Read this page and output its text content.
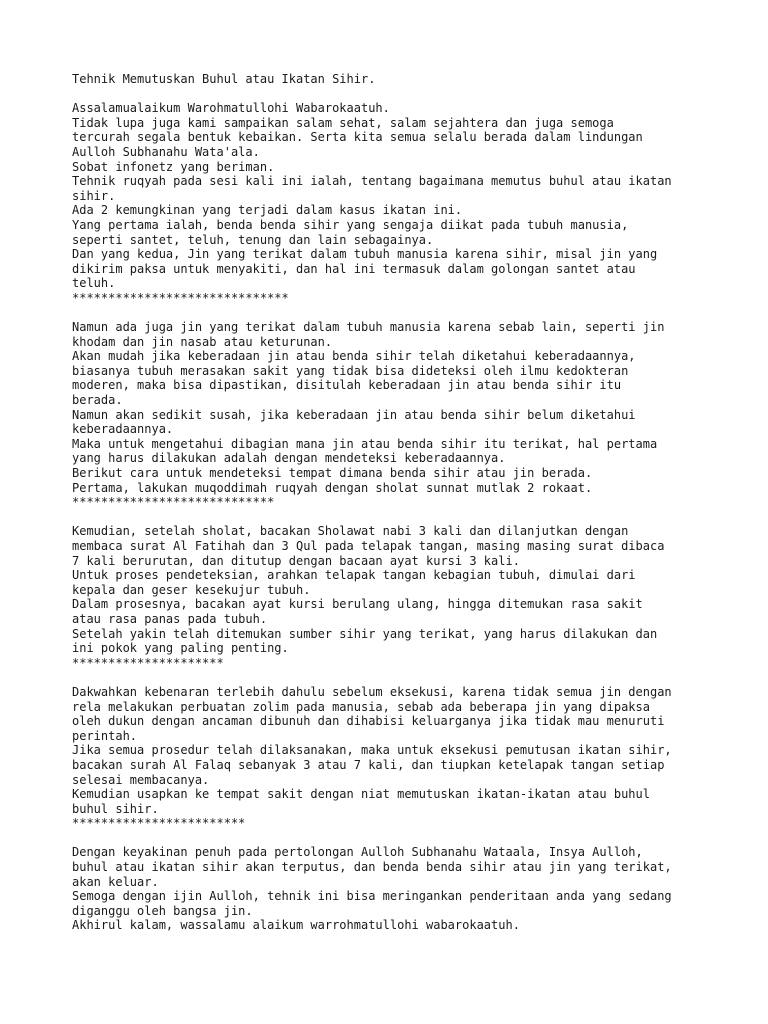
Tehnik Memutuskan Buhul atau Ikatan Sihir.
Assalamualaikum Warohmatullohi Wabarokaatuh.
Tidak lupa juga kami sampaikan salam sehat, salam sejahtera dan juga semoga
tercurah segala bentuk kebaikan. Serta kita semua selalu berada dalam lindungan
Aulloh Subhanahu Wata'ala.
Sobat infonetz yang beriman.
Tehnik ruqyah pada sesi kali ini ialah, tentang bagaimana memutus buhul atau ikatan
sihir.
Ada 2 kemungkinan yang terjadi dalam kasus ikatan ini.
Yang pertama ialah, benda benda sihir yang sengaja diikat pada tubuh manusia,
seperti santet, teluh, tenung dan lain sebagainya.
Dan yang kedua, Jin yang terikat dalam tubuh manusia karena sihir, misal jin yang
dikirim paksa untuk menyakiti, dan hal ini termasuk dalam golongan santet atau
teluh.
******************************
Namun ada juga jin yang terikat dalam tubuh manusia karena sebab lain, seperti jin
khodam dan jin nasab atau keturunan.
Akan mudah jika keberadaan jin atau benda sihir telah diketahui keberadaannya,
biasanya tubuh merasakan sakit yang tidak bisa dideteksi oleh ilmu kedokteran
moderen, maka bisa dipastikan, disitulah keberadaan jin atau benda sihir itu
berada.
Namun akan sedikit susah, jika keberadaan jin atau benda sihir belum diketahui
keberadaannya.
Maka untuk mengetahui dibagian mana jin atau benda sihir itu terikat, hal pertama
yang harus dilakukan adalah dengan mendeteksi keberadaannya.
Berikut cara untuk mendeteksi tempat dimana benda sihir atau jin berada.
Pertama, lakukan muqoddimah ruqyah dengan sholat sunnat mutlak 2 rokaat.
****************************
Kemudian, setelah sholat, bacakan Sholawat nabi 3 kali dan dilanjutkan dengan
membaca surat Al Fatihah dan 3 Qul pada telapak tangan, masing masing surat dibaca
7 kali berurutan, dan ditutup dengan bacaan ayat kursi 3 kali.
Untuk proses pendeteksian, arahkan telapak tangan kebagian tubuh, dimulai dari
kepala dan geser kesekujur tubuh.
Dalam prosesnya, bacakan ayat kursi berulang ulang, hingga ditemukan rasa sakit
atau rasa panas pada tubuh.
Setelah yakin telah ditemukan sumber sihir yang terikat, yang harus dilakukan dan
ini pokok yang paling penting.
*********************
Dakwahkan kebenaran terlebih dahulu sebelum eksekusi, karena tidak semua jin dengan
rela melakukan perbuatan zolim pada manusia, sebab ada beberapa jin yang dipaksa
oleh dukun dengan ancaman dibunuh dan dihabisi keluarganya jika tidak mau menuruti
perintah.
Jika semua prosedur telah dilaksanakan, maka untuk eksekusi pemutusan ikatan sihir,
bacakan surah Al Falaq sebanyak 3 atau 7 kali, dan tiupkan ketelapak tangan setiap
selesai membacanya.
Kemudian usapkan ke tempat sakit dengan niat memutuskan ikatan-ikatan atau buhul
buhul sihir.
************************
Dengan keyakinan penuh pada pertolongan Aulloh Subhanahu Wataala, Insya Aulloh,
buhul atau ikatan sihir akan terputus, dan benda benda sihir atau jin yang terikat,
akan keluar.
Semoga dengan ijin Aulloh, tehnik ini bisa meringankan penderitaan anda yang sedang
diganggu oleh bangsa jin.
Akhirul kalam, wassalamu alaikum warrohmatullohi wabarokaatuh.
